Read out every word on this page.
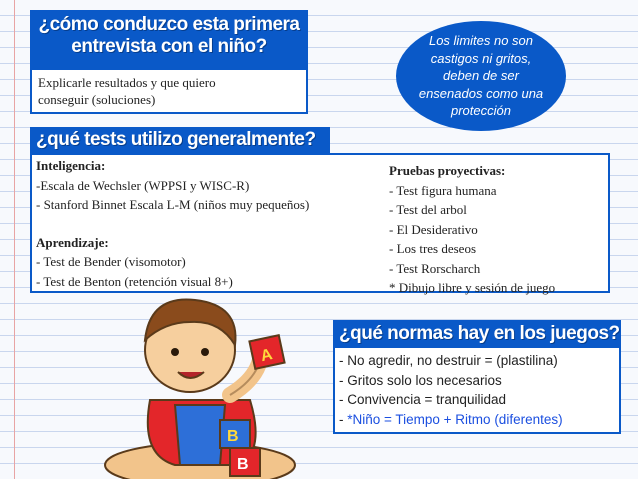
¿cómo conduzco esta primera
entrevista con el niño?
Explicarle resultados y que quiero
conseguir (soluciones)
Los limites no son
castigos ni gritos,
deben de ser
ensenados como una
protección
¿qué tests utilizo generalmente?
Inteligencia:
-Escala de Wechsler (WPPSI y WISC-R)
- Stanford Binnet Escala L-M (niños muy pequeños)
Aprendizaje:
- Test de Bender (visomotor)
- Test de Benton (retención visual 8+)
Pruebas proyectivas:
- Test figura humana
- Test del arbol
- El Desiderativo
- Los tres deseos
- Test Rorscharch
* Dibujo libre y sesión de juego
A
B
B
¿qué normas hay en los juegos?
- No agredir, no destruir = (plastilina)
- Gritos solo los necesarios
- Convivencia = tranquilidad
- *Niño = Tiempo + Ritmo (diferentes)
